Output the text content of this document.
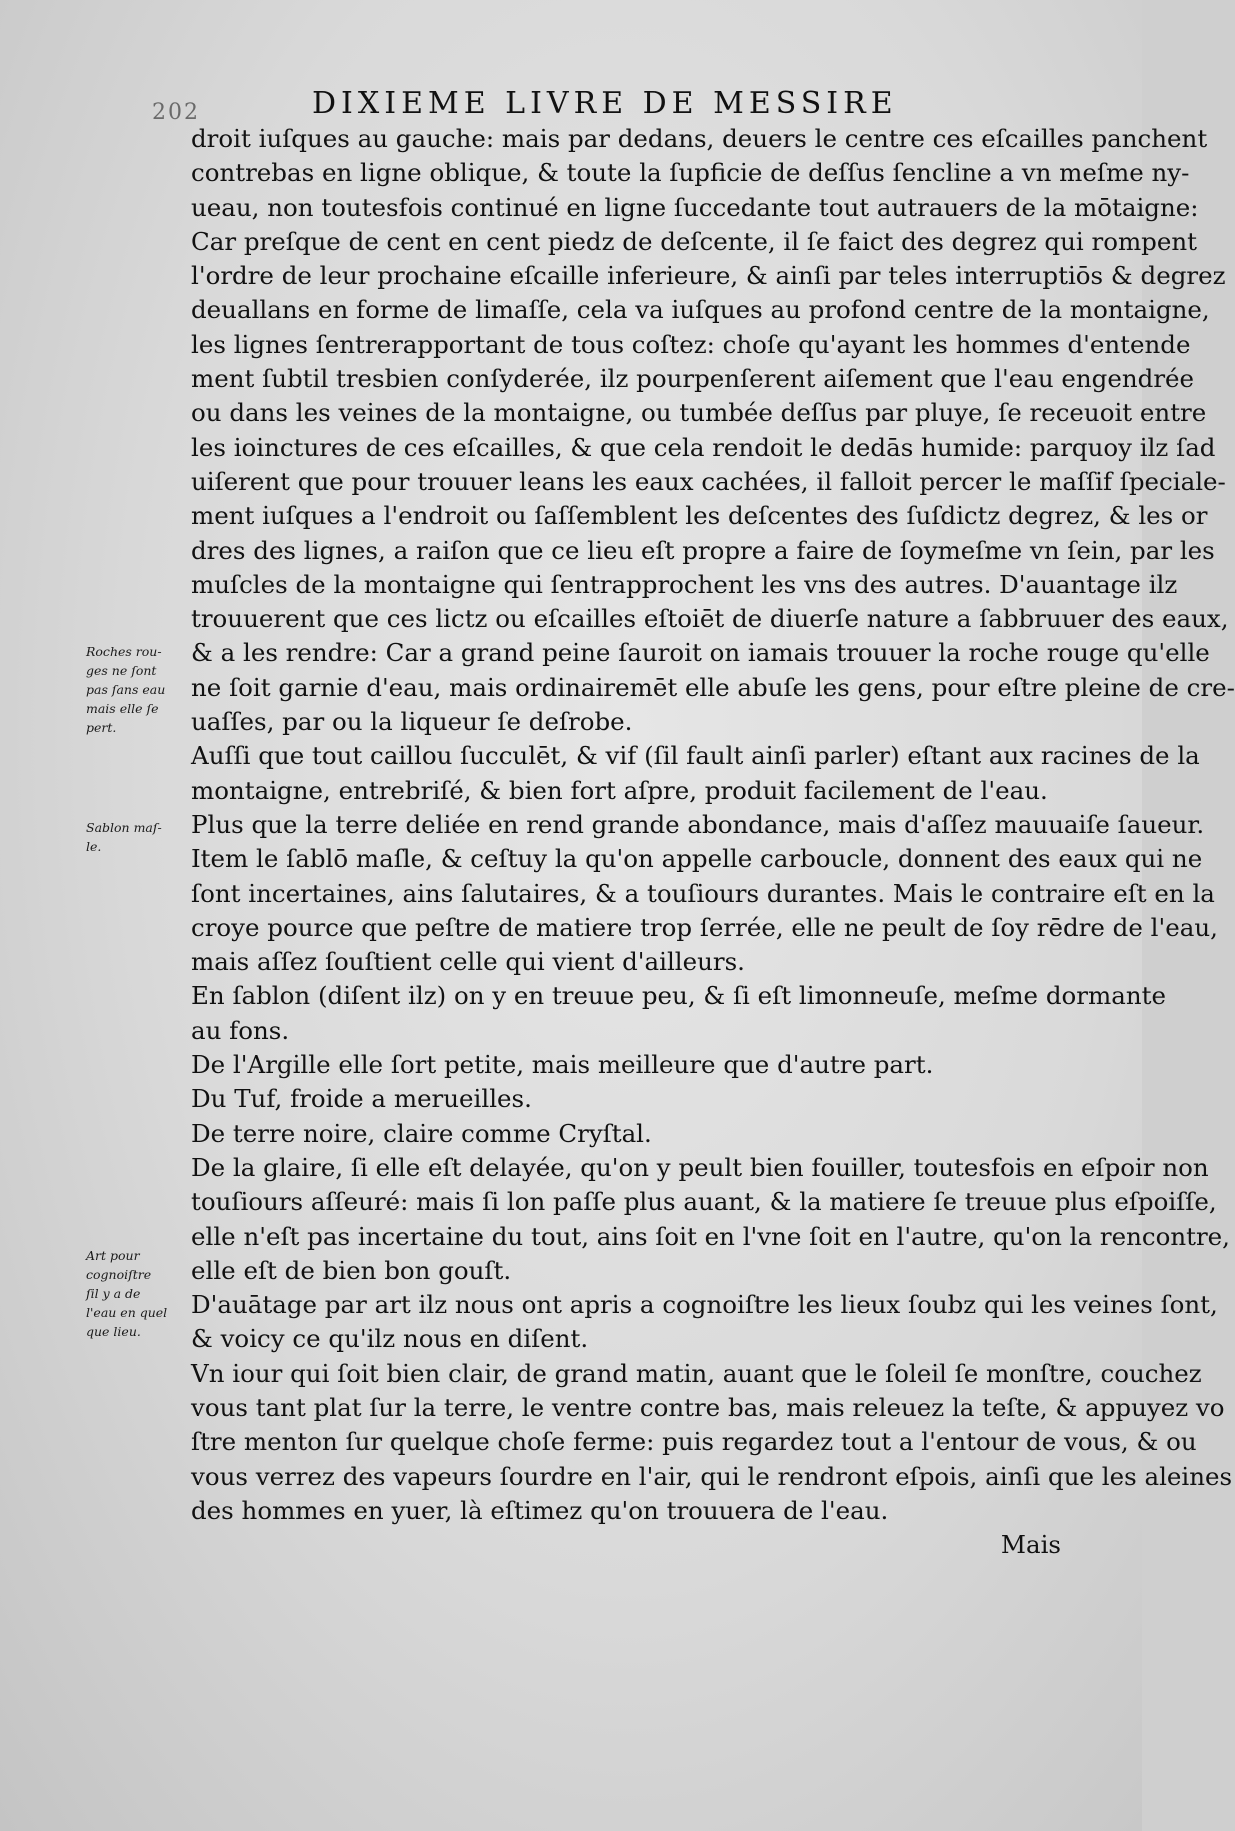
202	DIXIEME LIVRE DE MESSIRE
droit iuſques au gauche: mais par dedans, deuers le centre ces eſcailles panchent
contrebas en ligne oblique, & toute la ſupficie de deſſus ſencline a vn meſme ny-
ueau, non toutesfois continué en ligne ſuccedante tout autrauers de la mōtaigne:
Car preſque de cent en cent piedz de deſcente, il ſe faict des degrez qui rompent
l'ordre de leur prochaine eſcaille inferieure, & ainſi par teles interruptiōs & degrez
deuallans en forme de limaſſe, cela va iuſques au profond centre de la montaigne,
les lignes ſentrerapportant de tous coſtez: choſe qu'ayant les hommes d'entende
ment ſubtil tresbien conſyderée, ilz pourpenſerent aiſement que l'eau engendrée
ou dans les veines de la montaigne, ou tumbée deſſus par pluye, ſe receuoit entre
les ioinctures de ces eſcailles, & que cela rendoit le dedās humide: parquoy ilz ſad
uiſerent que pour trouuer leans les eaux cachées, il falloit percer le maſſif ſpeciale-
ment iuſques a l'endroit ou ſaſſemblent les deſcentes des ſuſdictz degrez, & les or
dres des lignes, a raiſon que ce lieu eſt propre a faire de ſoymeſme vn ſein, par les
muſcles de la montaigne qui ſentrapprochent les vns des autres. D'auantage ilz
trouuerent que ces lictz ou eſcailles eſtoiēt de diuerſe nature a ſabbruuer des eaux,
& a les rendre: Car a grand peine ſauroit on iamais trouuer la roche rouge qu'elle
ne ſoit garnie d'eau, mais ordinairemēt elle abuſe les gens, pour eſtre pleine de cre-
uaſſes, par ou la liqueur ſe deſrobe.
Auſſi que tout caillou ſucculēt, & vif (ſil fault ainſi parler) eſtant aux racines de la
montaigne, entrebriſé, & bien fort aſpre, produit facilement de l'eau.
Plus que la terre deliée en rend grande abondance, mais d'aſſez mauuaiſe ſaueur.
Item le ſablō maſle, & ceſtuy la qu'on appelle carboucle, donnent des eaux qui ne
ſont incertaines, ains ſalutaires, & a touſiours durantes. Mais le contraire eſt en la
croye pource que peſtre de matiere trop ſerrée, elle ne peult de ſoy rēdre de l'eau,
mais aſſez ſouſtient celle qui vient d'ailleurs.
En ſablon (diſent ilz) on y en treuue peu, & ſi eſt limonneuſe, meſme dormante
au fons.
De l'Argille elle ſort petite, mais meilleure que d'autre part.
Du Tuf, froide a merueilles.
De terre noire, claire comme Cryſtal.
De la glaire, ſi elle eſt delayée, qu'on y peult bien fouiller, toutesfois en eſpoir non
touſiours aſſeuré: mais ſi lon paſſe plus auant, & la matiere ſe treuue plus eſpoiſſe,
elle n'eſt pas incertaine du tout, ains ſoit en l'vne ſoit en l'autre, qu'on la rencontre,
elle eſt de bien bon gouſt.
D'auātage par art ilz nous ont apris a cognoiſtre les lieux ſoubz qui les veines ſont,
& voicy ce qu'ilz nous en diſent.
Vn iour qui ſoit bien clair, de grand matin, auant que le ſoleil ſe monſtre, couchez
vous tant plat ſur la terre, le ventre contre bas, mais releuez la teſte, & appuyez vo
ſtre menton ſur quelque choſe ferme: puis regardez tout a l'entour de vous, & ou
vous verrez des vapeurs ſourdre en l'air, qui le rendront eſpois, ainſi que les aleines
des hommes en yuer, là eſtimez qu'on trouuera de l'eau.
Mais
Roches rou-
ges ne ſont
pas ſans eau
mais elle ſe
pert.
Sablon maſ-
le.
Art pour
cognoiſtre
ſil y a de
l'eau en quel
que lieu.
